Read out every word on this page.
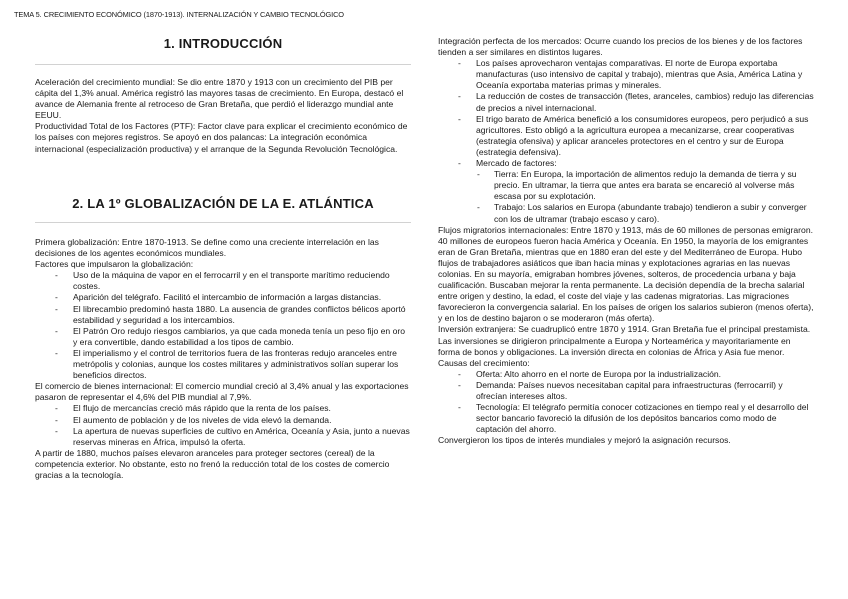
TEMA 5. CRECIMIENTO ECONÓMICO (1870-1913). INTERNALIZACIÓN Y CAMBIO TECNOLÓGICO
1. INTRODUCCIÓN

Aceleración del crecimiento mundial: Se dio entre 1870 y 1913 con un crecimiento del PIB per cápita del 1,3% anual. América registró las mayores tasas de crecimiento. En Europa, destacó el avance de Alemania frente al retroceso de Gran Bretaña, que perdió el liderazgo mundial ante EEUU.

Productividad Total de los Factores (PTF): Factor clave para explicar el crecimiento económico de los países con mejores registros. Se apoyó en dos palancas: La integración económica internacional (especialización productiva) y el arranque de la Segunda Revolución Tecnológica.

2. LA 1º GLOBALIZACIÓN DE LA E. ATLÁNTICA

Primera globalización: Entre 1870-1913. Se define como una creciente interrelación en las decisiones de los agentes económicos mundiales.

Factores que impulsaron la globalización:

- Uso de la máquina de vapor en el ferrocarril y en el transporte marítimo reduciendo costes.
- Aparición del telégrafo. Facilitó el intercambio de información a largas distancias.
- El librecambio predominó hasta 1880. La ausencia de grandes conflictos bélicos aportó estabilidad y seguridad a los intercambios.
- El Patrón Oro redujo riesgos cambiarios, ya que cada moneda tenía un peso fijo en oro y era convertible, dando estabilidad a los tipos de cambio.
- El imperialismo y el control de territorios fuera de las fronteras redujo aranceles entre metrópolis y colonias, aunque los costes militares y administrativos solían superar los beneficios directos.

El comercio de bienes internacional: El comercio mundial creció al 3,4% anual y las exportaciones pasaron de representar el 4,6% del PIB mundial al 7,9%.

- El flujo de mercancías creció más rápido que la renta de los países.
- El aumento de población y de los niveles de vida elevó la demanda.
- La apertura de nuevas superficies de cultivo en América, Oceanía y Asia, junto a nuevas reservas mineras en África, impulsó la oferta.

A partir de 1880, muchos países elevaron aranceles para proteger sectores (cereal) de la competencia exterior. No obstante, esto no frenó la reducción total de los costes de comercio gracias a la tecnología.

Integración perfecta de los mercados: Ocurre cuando los precios de los bienes y de los factores tienden a ser similares en distintos lugares.

- Los países aprovecharon ventajas comparativas. El norte de Europa exportaba manufacturas (uso intensivo de capital y trabajo), mientras que Asia, América Latina y Oceanía exportaba materias primas y minerales.
- La reducción de costes de transacción (fletes, aranceles, cambios) redujo las diferencias de precios a nivel internacional.
- El trigo barato de América benefició a los consumidores europeos, pero perjudicó a sus agricultores. Esto obligó a la agricultura europea a mecanizarse, crear cooperativas (estrategia ofensiva) y aplicar aranceles protectores en el centro y sur de Europa (estrategia defensiva).
- Mercado de factores:
- Tierra: En Europa, la importación de alimentos redujo la demanda de tierra y su precio. En ultramar, la tierra que antes era barata se encareció al volverse más escasa por su explotación.
- Trabajo: Los salarios en Europa (abundante trabajo) tendieron a subir y converger con los de ultramar (trabajo escaso y caro).

Flujos migratorios internacionales: Entre 1870 y 1913, más de 60 millones de personas emigraron. 40 millones de europeos fueron hacia América y Oceanía. En 1950, la mayoría de los emigrantes eran de Gran Bretaña, mientras que en 1880 eran del este y del Mediterráneo de Europa. Hubo flujos de trabajadores asiáticos que iban hacia minas y explotaciones agrarias en las nuevas colonias. En su mayoría, emigraban hombres jóvenes, solteros, de procedencia urbana y baja cualificación. Buscaban mejorar la renta permanente. La decisión dependía de la brecha salarial entre origen y destino, la edad, el coste del viaje y las cadenas migratorias. Las migraciones favorecieron la convergencia salarial. En los países de origen los salarios subieron (menos oferta), y en los de destino bajaron o se moderaron (más oferta).

Inversión extranjera: Se cuadruplicó entre 1870 y 1914. Gran Bretaña fue el principal prestamista. Las inversiones se dirigieron principalmente a Europa y Norteamérica y mayoritariamente en forma de bonos y obligaciones. La inversión directa en colonias de África y Asia fue menor. Causas del crecimiento:

- Oferta: Alto ahorro en el norte de Europa por la industrialización.
- Demanda: Países nuevos necesitaban capital para infraestructuras (ferrocarril) y ofrecían intereses altos.
- Tecnología: El telégrafo permitía conocer cotizaciones en tiempo real y el desarrollo del sector bancario favoreció la difusión de los depósitos bancarios como modo de captación del ahorro.

Convergieron los tipos de interés mundiales y mejoró la asignación recursos.
